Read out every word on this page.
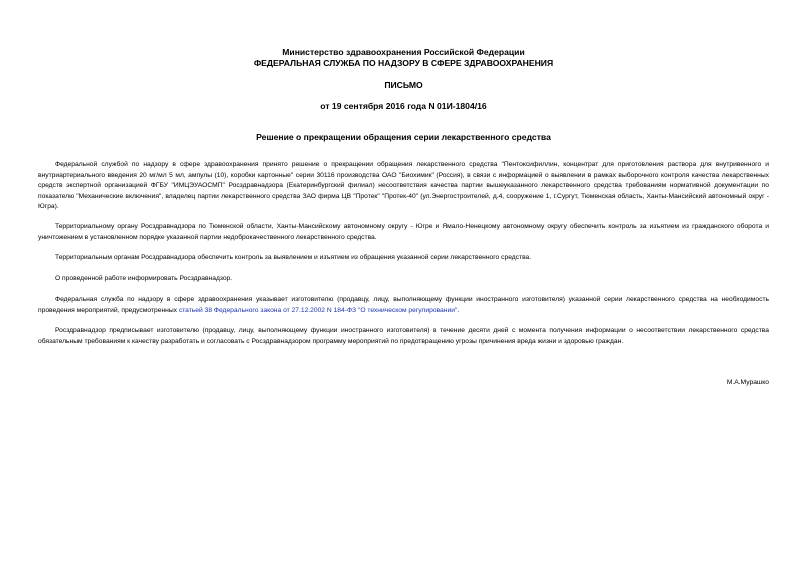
Министерство здравоохранения Российской Федерации
ФЕДЕРАЛЬНАЯ СЛУЖБА ПО НАДЗОРУ В СФЕРЕ ЗДРАВООХРАНЕНИЯ
ПИСЬМО
от 19 сентября 2016 года N 01И-1804/16
Решение о прекращении обращения серии лекарственного средства

Федеральной службой по надзору в сфере здравоохранения принято решение о прекращении обращения лекарственного средства "Пентоксифиллин, концентрат для приготовления раствора для внутривенного и внутриартериального введения 20 мг/мл 5 мл, ампулы (10), коробки картонные" серии 30116 производства ОАО "Биохимик" (Россия), в связи с информацией о выявлении в рамках выборочного контроля качества лекарственных средств экспертной организацией ФГБУ "ИМЦЭУАОСМП" Росздравнадзора (Екатеринбургский филиал) несоответствия качества партии вышеуказанного лекарственного средства требованиям нормативной документации по показателю "Механические включения", владелец партии лекарственного средства ЗАО фирма ЦВ "Протек" "Протек-40" (ул.Энергостроителей, д.4, сооружение 1, г.Сургут, Тюменская область, Ханты-Мансийский автономный округ - Югра).

Территориальному органу Росздравнадзора по Тюменской области, Ханты-Мансийскому автономному округу - Югре и Ямало-Ненецкому автономному округу обеспечить контроль за изъятием из гражданского оборота и уничтожением в установленном порядке указанной партии недоброкачественного лекарственного средства.

Территориальным органам Росздравнадзора обеспечить контроль за выявлением и изъятием из обращения указанной серии лекарственного средства.

О проведенной работе информировать Росздравнадзор.

Федеральная служба по надзору в сфере здравоохранения указывает изготовителю (продавцу, лицу, выполняющему функции иностранного изготовителя) указанной серии лекарственного средства на необходимость проведения мероприятий, предусмотренных статьей 38 Федерального закона от 27.12.2002 N 184-ФЗ "О техническом регулировании".

Росздравнадзор предписывает изготовителю (продавцу, лицу, выполняющему функции иностранного изготовителя) в течение десяти дней с момента получения информации о несоответствии лекарственного средства обязательным требованиям к качеству разработать и согласовать с Росздравнадзором программу мероприятий по предотвращению угрозы причинения вреда жизни и здоровью граждан.

М.А.Мурашко
